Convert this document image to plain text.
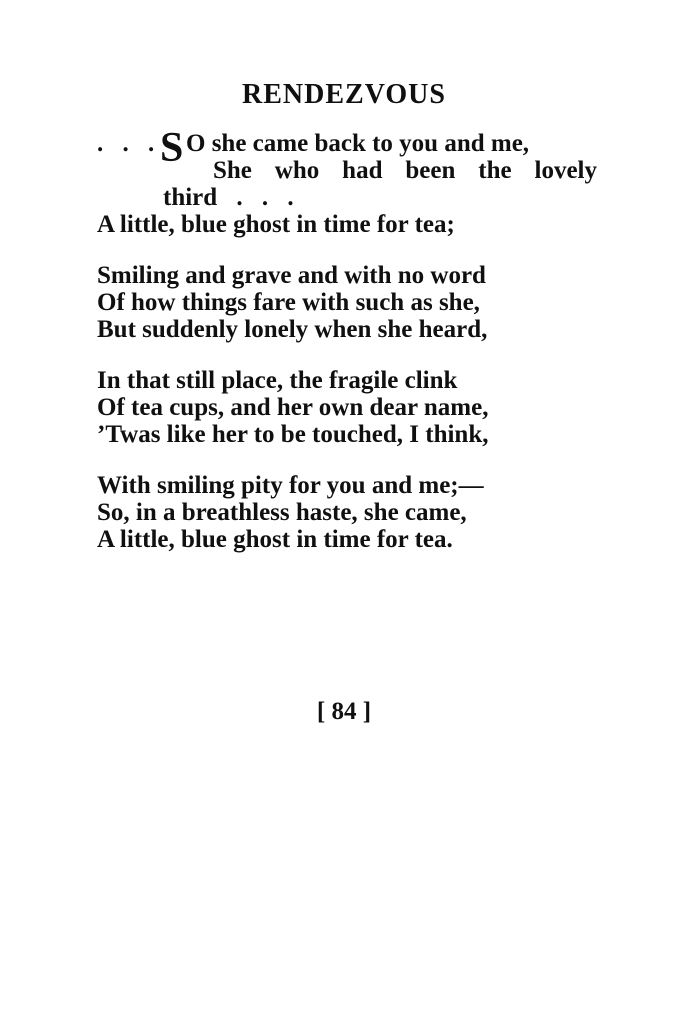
RENDEZVOUS
. . . S O she came back to you and me,
She who had been the lovely
third . . .
A little, blue ghost in time for tea;
Smiling and grave and with no word
Of how things fare with such as she,
But suddenly lonely when she heard,
In that still place, the fragile clink
Of tea cups, and her own dear name,
’Twas like her to be touched, I think,
With smiling pity for you and me;—
So, in a breathless haste, she came,
A little, blue ghost in time for tea.
[ 84 ]
